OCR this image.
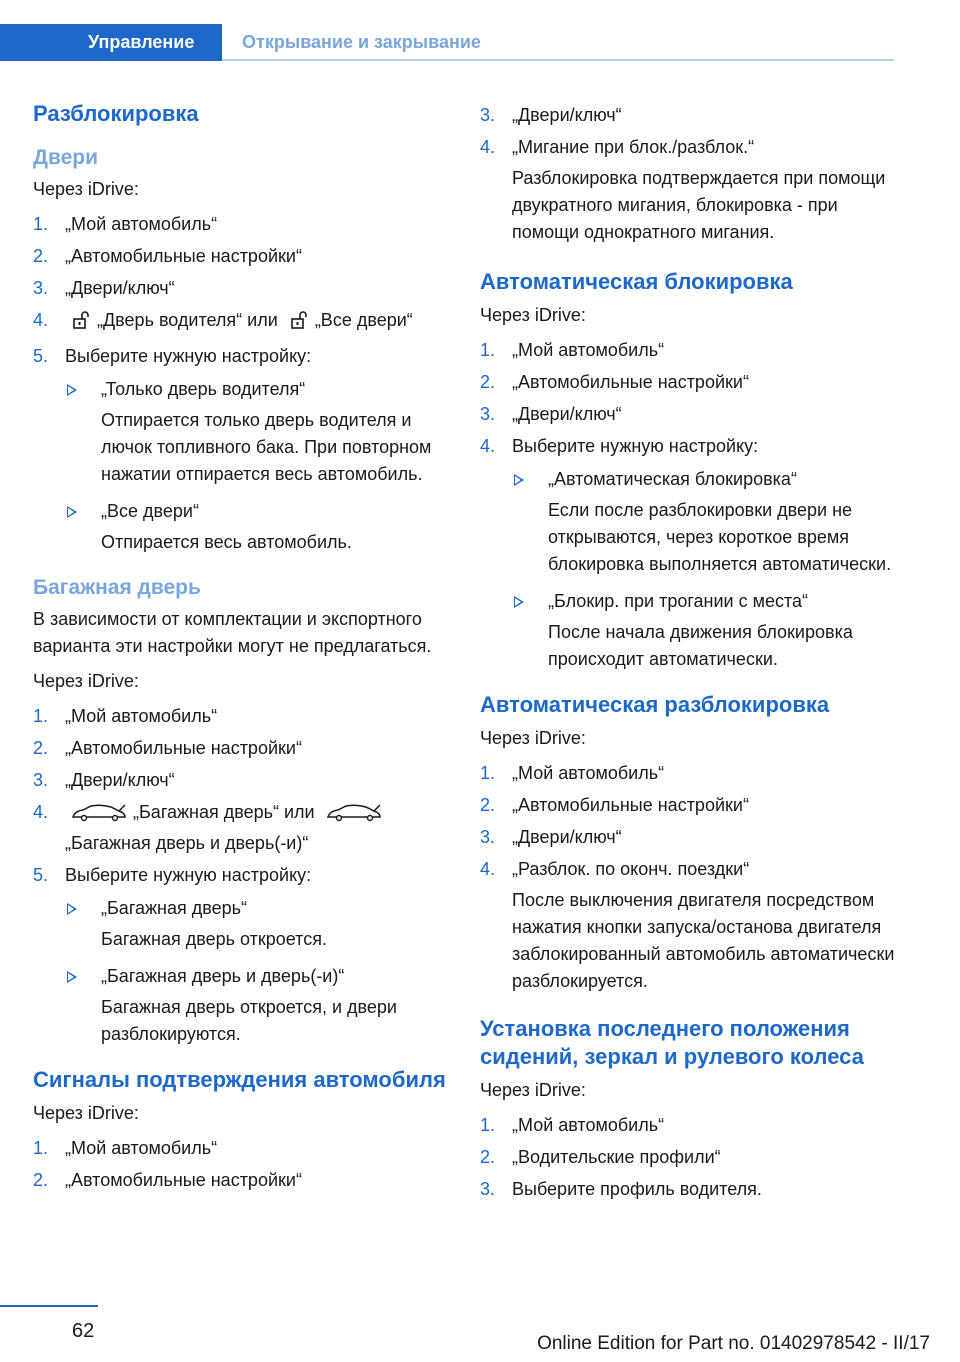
Управление	Открывание и закрывание
Разблокировка
Двери
Через iDrive:
1. „Мой автомобиль“
2. „Автомобильные настройки“
3. „Двери/ключ“
4.	„Дверь водителя“ или „Все двери“
5. Выберите нужную настройку:
„Только дверь водителя“
Отпирается только дверь водителя и лючок топливного бака. При повторном нажатии отпирается весь автомобиль.
„Все двери“
Отпирается весь автомобиль.
Багажная дверь
В зависимости от комплектации и экспортного варианта эти настройки могут не предлагаться.
Через iDrive:
1. „Мой автомобиль“
2. „Автомобильные настройки“
3. „Двери/ключ“
4.	„Багажная дверь“ или
„Багажная дверь и дверь(-и)“
5. Выберите нужную настройку:
„Багажная дверь“
Багажная дверь откроется.
„Багажная дверь и дверь(-и)“
Багажная дверь откроется, и двери разблокируются.
Сигналы подтверждения автомобиля
Через iDrive:
1. „Мой автомобиль“
2. „Автомобильные настройки“
3. „Двери/ключ“
4. „Мигание при блок./разблок.“
Разблокировка подтверждается при помощи двукратного мигания, блокировка - при помощи однократного мигания.
Автоматическая блокировка
Через iDrive:
1. „Мой автомобиль“
2. „Автомобильные настройки“
3. „Двери/ключ“
4. Выберите нужную настройку:
„Автоматическая блокировка“
Если после разблокировки двери не открываются, через короткое время блокировка выполняется автоматически.
„Блокир. при трогании с места“
После начала движения блокировка происходит автоматически.
Автоматическая разблокировка
Через iDrive:
1. „Мой автомобиль“
2. „Автомобильные настройки“
3. „Двери/ключ“
4. „Разблок. по оконч. поездки“
После выключения двигателя посредством нажатия кнопки запуска/останова двигателя заблокированный автомобиль автоматически разблокируется.
Установка последнего положения сидений, зеркал и рулевого колеса
Через iDrive:
1. „Мой автомобиль“
2. „Водительские профили“
3. Выберите профиль водителя.
62
Online Edition for Part no. 01402978542 - II/17
